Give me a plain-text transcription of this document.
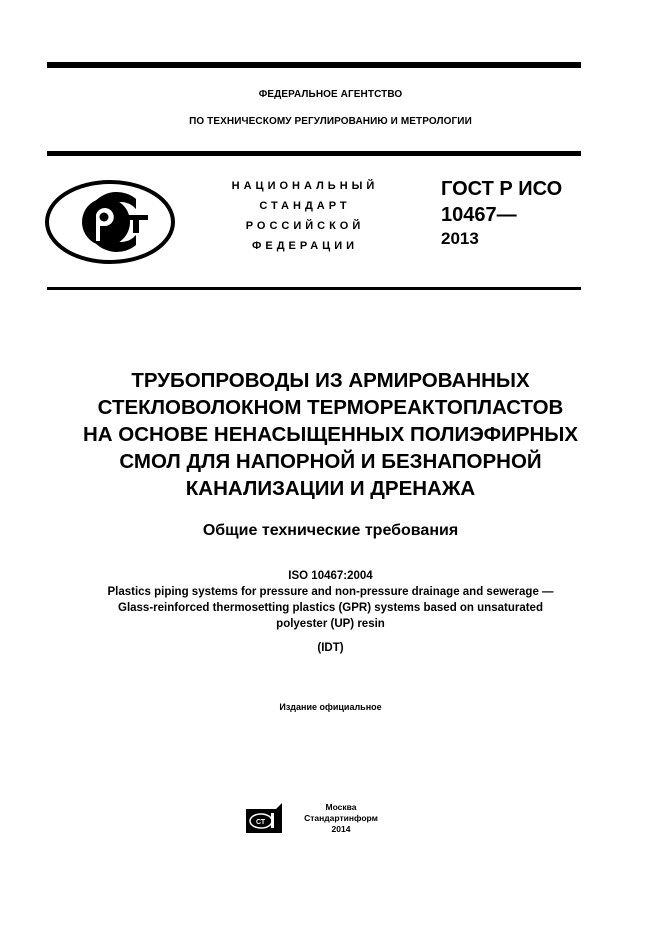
ФЕДЕРАЛЬНОЕ АГЕНТСТВО
ПО ТЕХНИЧЕСКОМУ РЕГУЛИРОВАНИЮ И МЕТРОЛОГИИ
НАЦИОНАЛЬНЫЙ
СТАНДАРТ
РОССИЙСКОЙ
ФЕДЕРАЦИИ
ГОСТ Р ИСО
10467—
2013
ТРУБОПРОВОДЫ ИЗ АРМИРОВАННЫХ
СТЕКЛОВОЛОКНОМ ТЕРМОРЕАКТОПЛАСТОВ
НА ОСНОВЕ НЕНАСЫЩЕННЫХ ПОЛИЭФИРНЫХ
СМОЛ ДЛЯ НАПОРНОЙ И БЕЗНАПОРНОЙ
КАНАЛИЗАЦИИ И ДРЕНАЖА
Общие технические требования
ISO 10467:2004
Plastics piping systems for pressure and non-pressure drainage and sewerage —
Glass-reinforced thermosetting plastics (GPR) systems based on unsaturated
polyester (UP) resin
(IDT)
Издание официальное
СТ
Москва
Стандартинформ
2014
